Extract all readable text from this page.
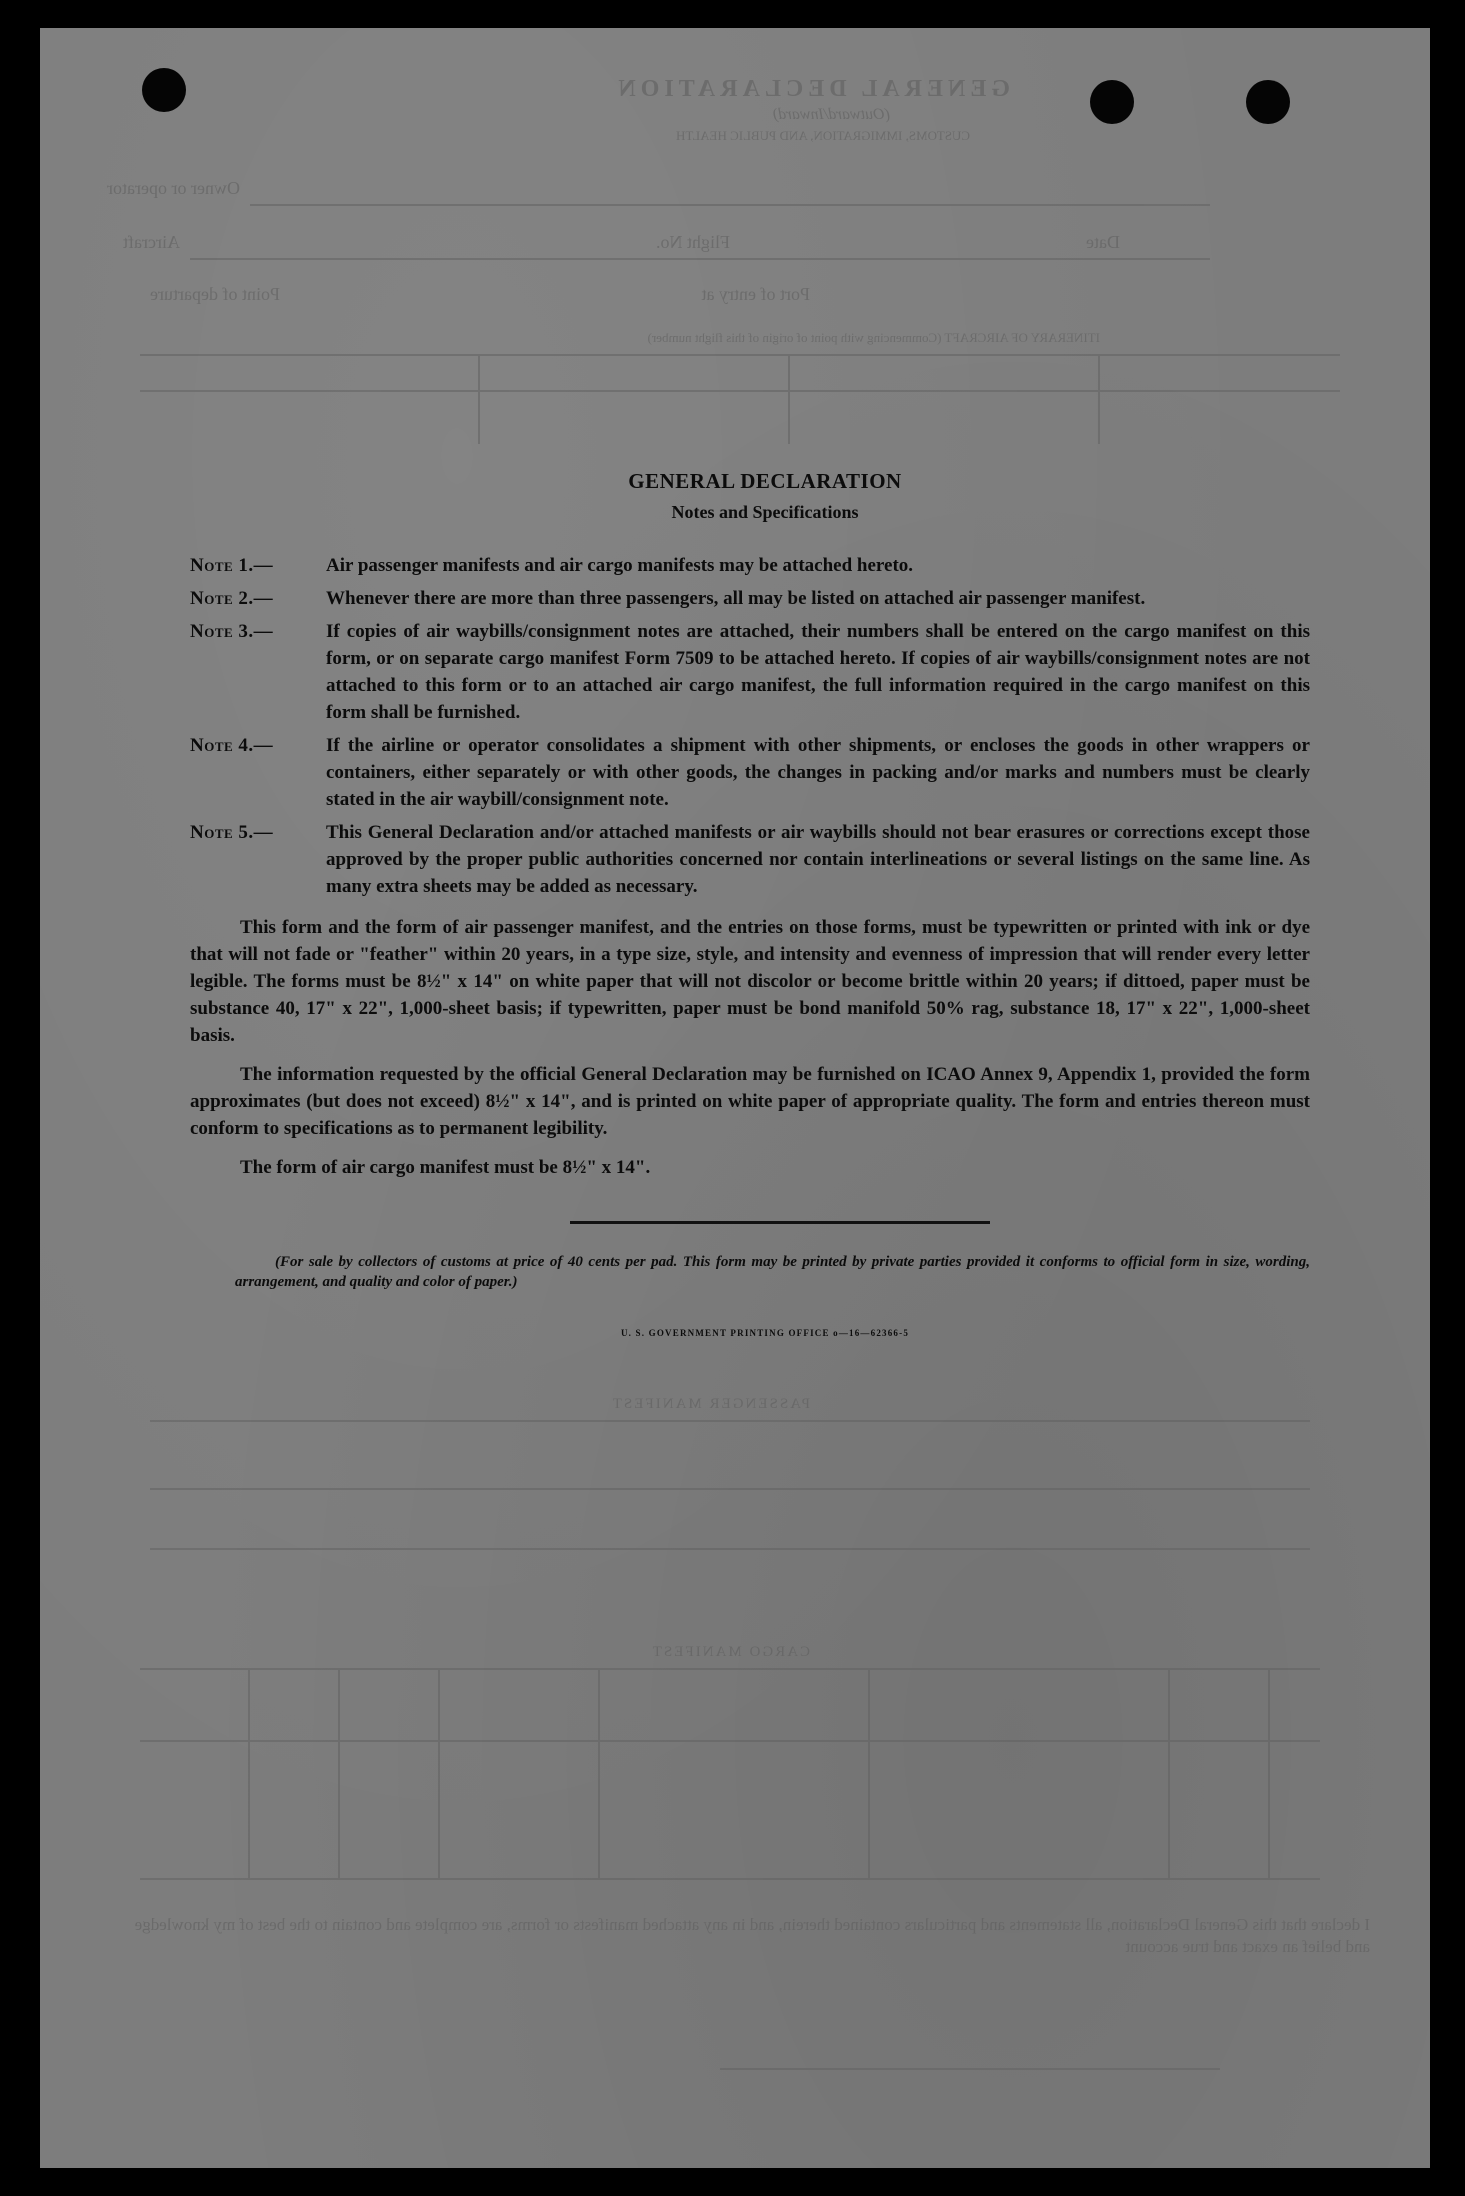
GENERAL DECLARATION
(Outward/Inward)
CUSTOMS, IMMIGRATION, AND PUBLIC HEALTH
Owner or operator
Aircraft	Flight No.	Date
Point of departure	Port of entry at
ITINERARY OF AIRCRAFT (Commencing with point of origin of this flight number)
PASSENGER MANIFEST
CARGO MANIFEST
I declare that this General Declaration, all statements and particulars contained therein, and in any attached manifests or forms, are complete and contain to the best of my knowledge and belief an exact and true account
GENERAL DECLARATION
Notes and Specifications
Note 1.—	Air passenger manifests and air cargo manifests may be attached hereto.
Note 2.—	Whenever there are more than three passengers, all may be listed on attached air passenger manifest.
Note 3.—	If copies of air waybills/consignment notes are attached, their numbers shall be entered on the cargo manifest on this form, or on separate cargo manifest Form 7509 to be attached hereto. If copies of air waybills/consignment notes are not attached to this form or to an attached air cargo manifest, the full information required in the cargo manifest on this form shall be furnished.
Note 4.—	If the airline or operator consolidates a shipment with other shipments, or encloses the goods in other wrappers or containers, either separately or with other goods, the changes in packing and/or marks and numbers must be clearly stated in the air waybill/consignment note.
Note 5.—	This General Declaration and/or attached manifests or air waybills should not bear erasures or corrections except those approved by the proper public authorities concerned nor contain interlineations or several listings on the same line. As many extra sheets may be added as necessary.

This form and the form of air passenger manifest, and the entries on those forms, must be typewritten or printed with ink or dye that will not fade or "feather" within 20 years, in a type size, style, and intensity and evenness of impression that will render every letter legible. The forms must be 8½" x 14" on white paper that will not discolor or become brittle within 20 years; if dittoed, paper must be substance 40, 17" x 22", 1,000-sheet basis; if typewritten, paper must be bond manifold 50% rag, substance 18, 17" x 22", 1,000-sheet basis.

The information requested by the official General Declaration may be furnished on ICAO Annex 9, Appendix 1, provided the form approximates (but does not exceed) 8½" x 14", and is printed on white paper of appropriate quality. The form and entries thereon must conform to specifications as to permanent legibility.

The form of air cargo manifest must be 8½" x 14".

(For sale by collectors of customs at price of 40 cents per pad. This form may be printed by private parties provided it conforms to official form in size, wording, arrangement, and quality and color of paper.)
U. S. GOVERNMENT PRINTING OFFICE o—16—62366-5
